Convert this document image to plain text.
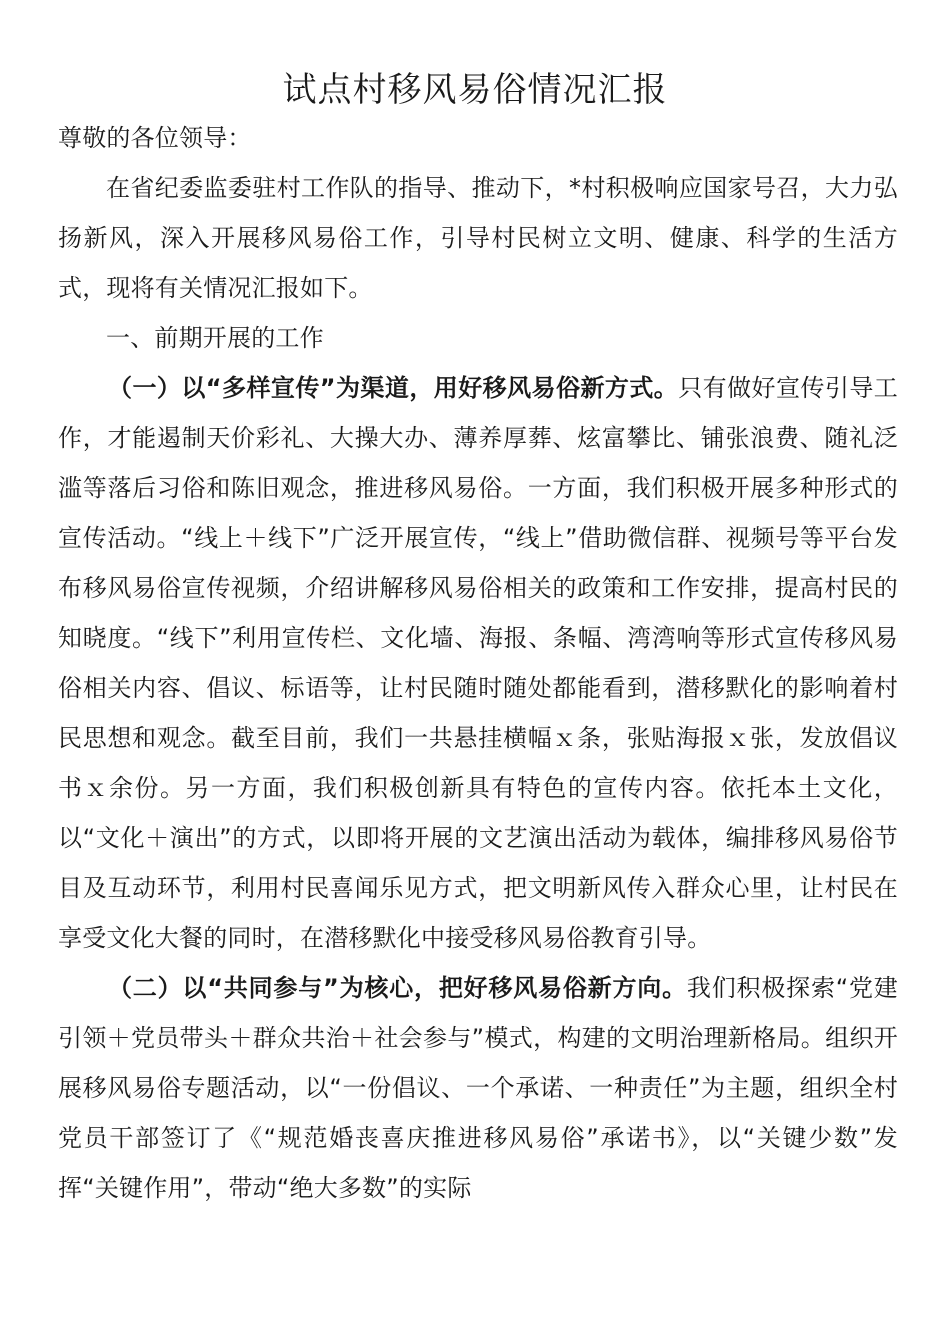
试点村移风易俗情况汇报

尊敬的各位领导：

在省纪委监委驻村工作队的指导、推动下，*村积极响应国家号召，大力弘扬新风，深入开展移风易俗工作，引导村民树立文明、健康、科学的生活方式，现将有关情况汇报如下。

一、前期开展的工作

（一）以“多样宣传”为渠道，用好移风易俗新方式。只有做好宣传引导工作，才能遏制天价彩礼、大操大办、薄养厚葬、炫富攀比、铺张浪费、随礼泛滥等落后习俗和陈旧观念，推进移风易俗。一方面，我们积极开展多种形式的宣传活动。“线上＋线下”广泛开展宣传，“线上”借助微信群、视频号等平台发布移风易俗宣传视频，介绍讲解移风易俗相关的政策和工作安排，提高村民的知晓度。“线下”利用宣传栏、文化墙、海报、条幅、湾湾响等形式宣传移风易俗相关内容、倡议、标语等，让村民随时随处都能看到，潜移默化的影响着村民思想和观念。截至目前，我们一共悬挂横幅ｘ条，张贴海报ｘ张，发放倡议书ｘ余份。另一方面，我们积极创新具有特色的宣传内容。依托本土文化，以“文化＋演出”的方式，以即将开展的文艺演出活动为载体，编排移风易俗节目及互动环节，利用村民喜闻乐见方式，把文明新风传入群众心里，让村民在享受文化大餐的同时，在潜移默化中接受移风易俗教育引导。

（二）以“共同参与”为核心，把好移风易俗新方向。我们积极探索“党建引领＋党员带头＋群众共治＋社会参与”模式，构建的文明治理新格局。组织开展移风易俗专题活动，以“一份倡议、一个承诺、一种责任”为主题，组织全村党员干部签订了《“规范婚丧喜庆推进移风易俗”承诺书》，以“关键少数”发挥“关键作用”，带动“绝大多数”的实际
